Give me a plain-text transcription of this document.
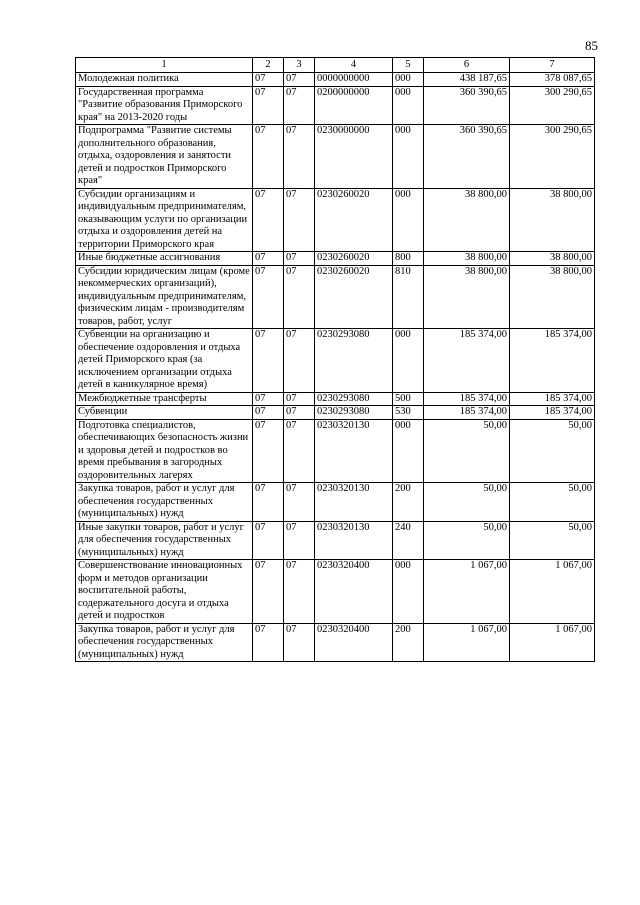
85
1	2	3	4	5	6	7
Молодежная политика	07	07	0000000000	000	438 187,65	378 087,65
Государственная программа "Развитие образования Приморского края" на 2013-2020 годы	07	07	0200000000	000	360 390,65	300 290,65
Подпрограмма "Развитие системы дополнительного образования, отдыха, оздоровления и занятости детей и подростков Приморского края"	07	07	0230000000	000	360 390,65	300 290,65
Субсидии организациям и индивидуальным предпринимателям, оказывающим услуги по организации отдыха и оздоровления детей на территории Приморского края	07	07	0230260020	000	38 800,00	38 800,00
Иные бюджетные ассигнования	07	07	0230260020	800	38 800,00	38 800,00
Субсидии юридическим лицам (кроме некоммерческих организаций), индивидуальным предпринимателям, физическим лицам - производителям товаров, работ, услуг	07	07	0230260020	810	38 800,00	38 800,00
Субвенции на организацию и обеспечение оздоровления и отдыха детей Приморского края (за исключением организации отдыха детей в каникулярное время)	07	07	0230293080	000	185 374,00	185 374,00
Межбюджетные трансферты	07	07	0230293080	500	185 374,00	185 374,00
Субвенции	07	07	0230293080	530	185 374,00	185 374,00
Подготовка специалистов, обеспечивающих безопасность жизни и здоровья детей и подростков во время пребывания в загородных оздоровительных лагерях	07	07	0230320130	000	50,00	50,00
Закупка товаров, работ и услуг для обеспечения государственных (муниципальных) нужд	07	07	0230320130	200	50,00	50,00
Иные закупки товаров, работ и услуг для обеспечения государственных (муниципальных) нужд	07	07	0230320130	240	50,00	50,00
Совершенствование инновационных форм и методов организации воспитательной работы, содержательного досуга и отдыха детей и подростков	07	07	0230320400	000	1 067,00	1 067,00
Закупка товаров, работ и услуг для обеспечения государственных (муниципальных) нужд	07	07	0230320400	200	1 067,00	1 067,00
